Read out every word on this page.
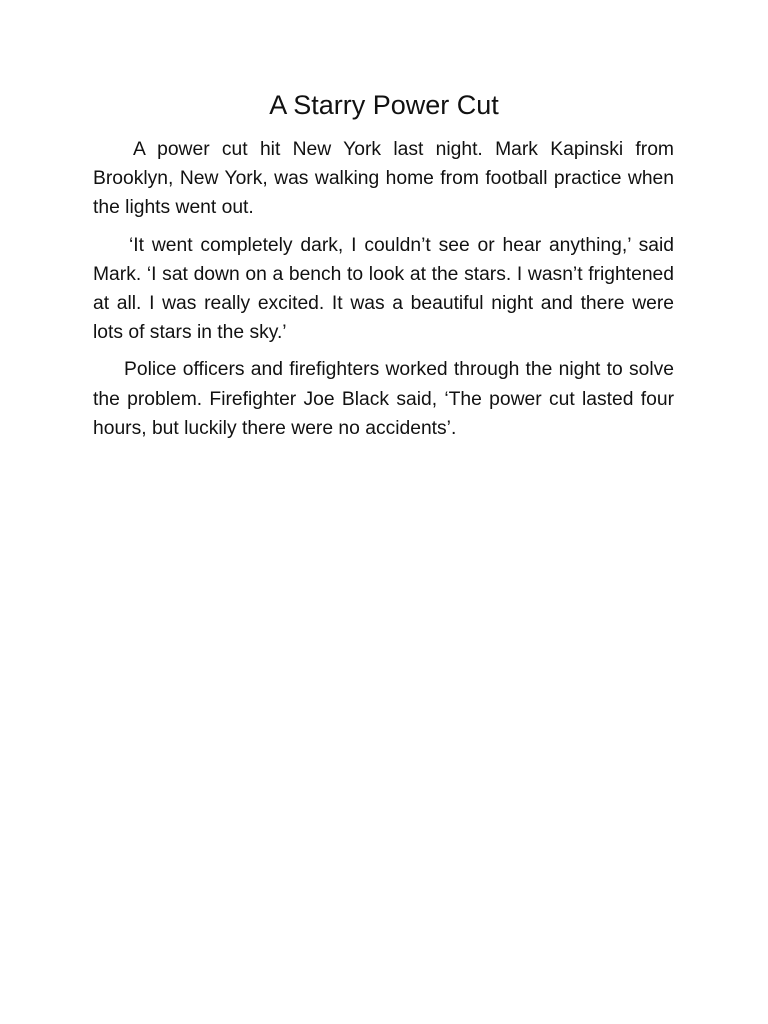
A Starry Power Cut

A power cut hit New York last night. Mark Kapinski from Brooklyn, New York, was walking home from football practice when the lights went out.

‘It went completely dark, I couldn’t see or hear anything,’ said Mark. ‘I sat down on a bench to look at the stars. I wasn’t frightened at all. I was really excited. It was a beautiful night and there were lots of stars in the sky.’

Police officers and firefighters worked through the night to solve the problem. Firefighter Joe Black said, ‘The power cut lasted four hours, but luckily there were no accidents’.
